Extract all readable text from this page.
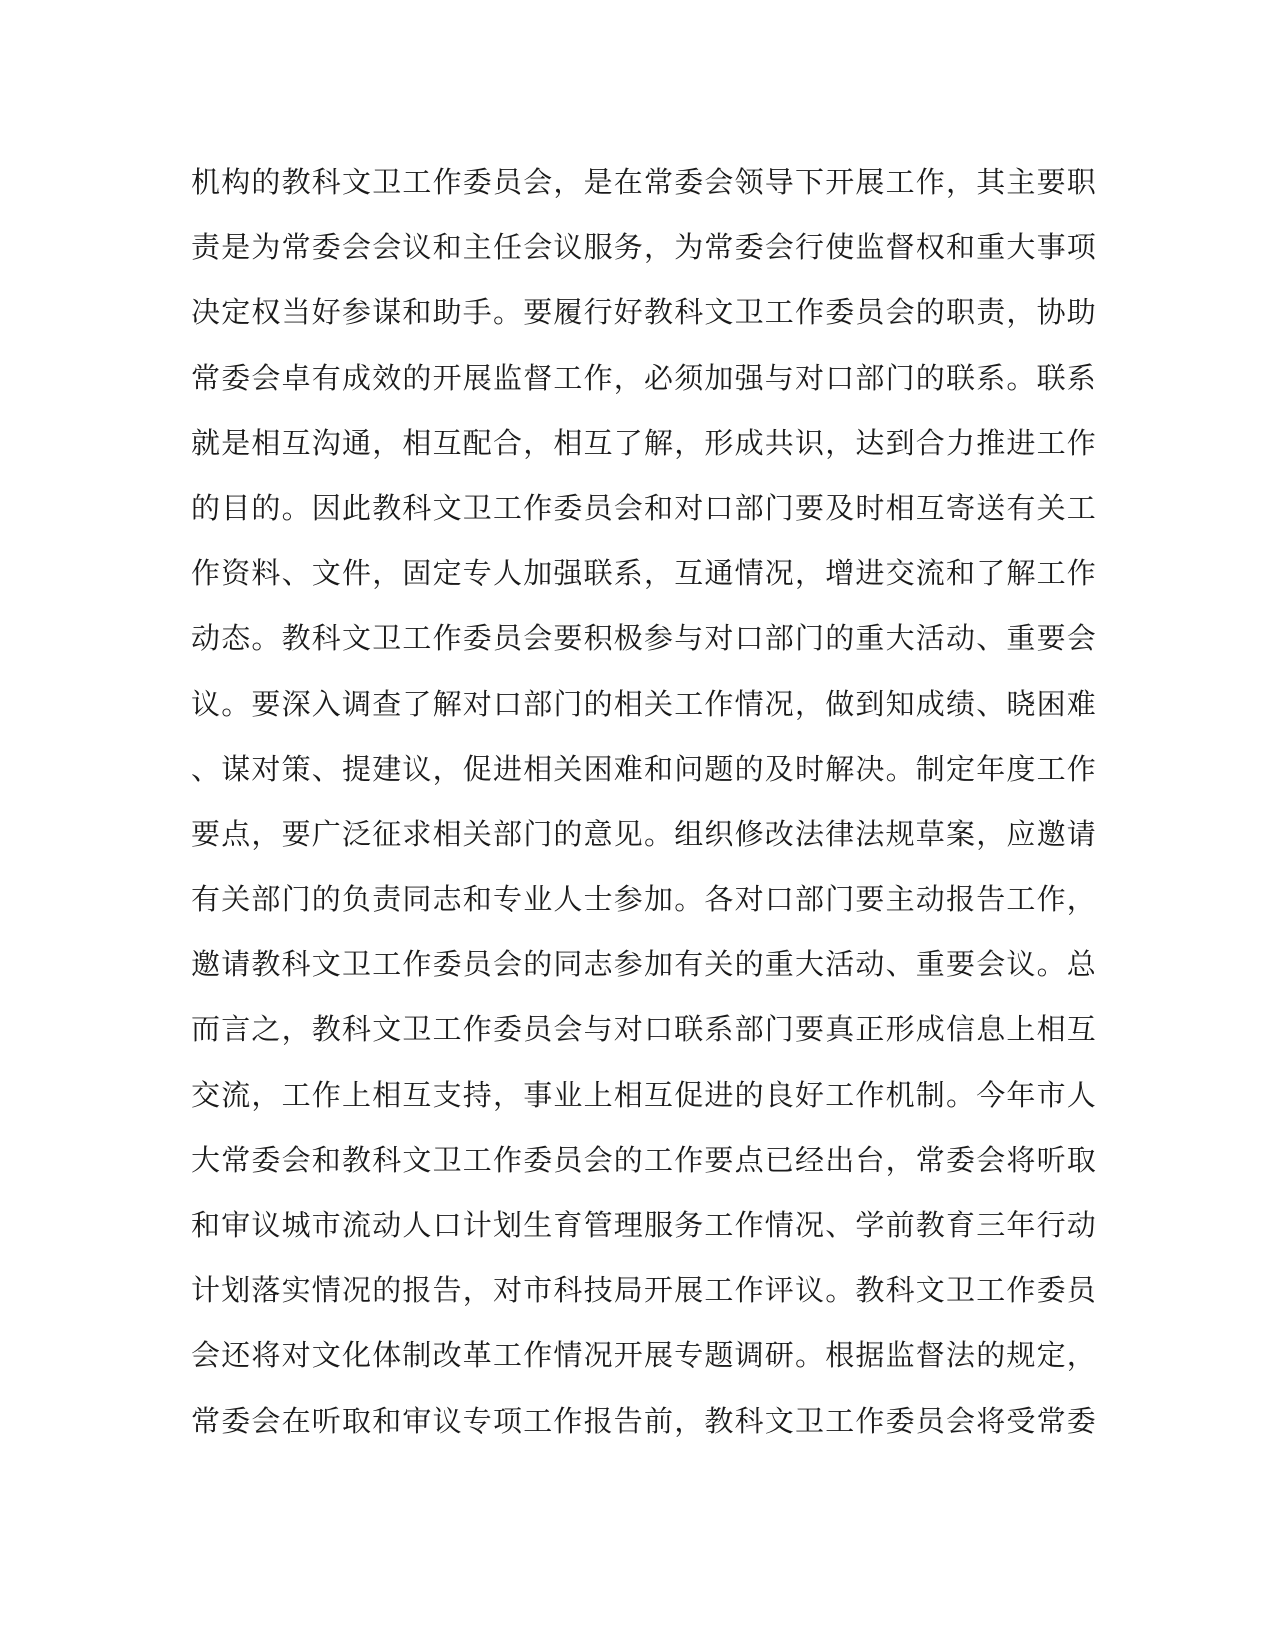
机构的教科文卫工作委员会，是在常委会领导下开展工作，其主要职
责是为常委会会议和主任会议服务，为常委会行使监督权和重大事项
决定权当好参谋和助手。要履行好教科文卫工作委员会的职责，协助
常委会卓有成效的开展监督工作，必须加强与对口部门的联系。联系
就是相互沟通，相互配合，相互了解，形成共识，达到合力推进工作
的目的。因此教科文卫工作委员会和对口部门要及时相互寄送有关工
作资料、文件，固定专人加强联系，互通情况，增进交流和了解工作
动态。教科文卫工作委员会要积极参与对口部门的重大活动、重要会
议。要深入调查了解对口部门的相关工作情况，做到知成绩、晓困难
、谋对策、提建议，促进相关困难和问题的及时解决。制定年度工作
要点，要广泛征求相关部门的意见。组织修改法律法规草案，应邀请
有关部门的负责同志和专业人士参加。各对口部门要主动报告工作，
邀请教科文卫工作委员会的同志参加有关的重大活动、重要会议。总
而言之，教科文卫工作委员会与对口联系部门要真正形成信息上相互
交流，工作上相互支持，事业上相互促进的良好工作机制。今年市人
大常委会和教科文卫工作委员会的工作要点已经出台，常委会将听取
和审议城市流动人口计划生育管理服务工作情况、学前教育三年行动
计划落实情况的报告，对市科技局开展工作评议。教科文卫工作委员
会还将对文化体制改革工作情况开展专题调研。根据监督法的规定，
常委会在听取和审议专项工作报告前，教科文卫工作委员会将受常委
